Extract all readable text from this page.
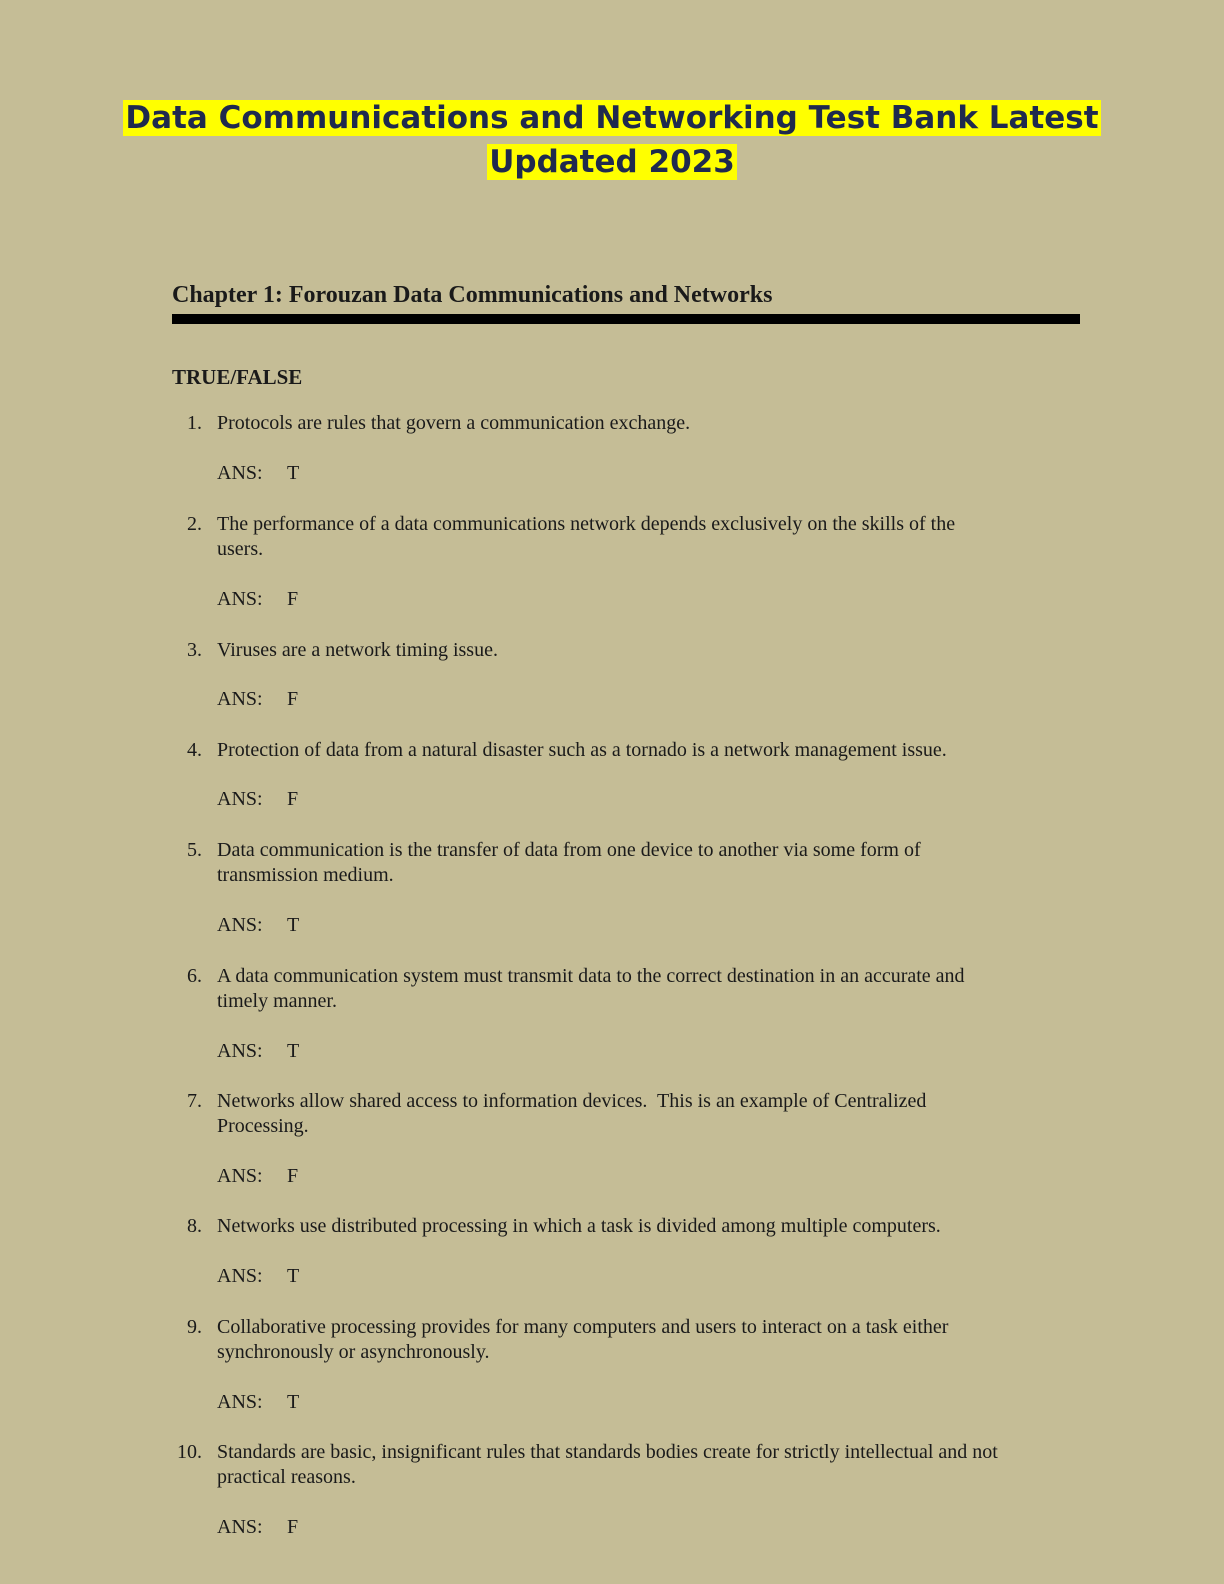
Data Communications and Networking Test Bank Latest
Updated 2023
Chapter 1: Forouzan Data Communications and Networks
TRUE/FALSE
1. Protocols are rules that govern a communication exchange.
ANS: T
2. The performance of a data communications network depends exclusively on the skills of the
users.
ANS: F
3. Viruses are a network timing issue.
ANS: F
4. Protection of data from a natural disaster such as a tornado is a network management issue.
ANS: F
5. Data communication is the transfer of data from one device to another via some form of
transmission medium.
ANS: T
6. A data communication system must transmit data to the correct destination in an accurate and
timely manner.
ANS: T
7. Networks allow shared access to information devices.  This is an example of Centralized
Processing.
ANS: F
8. Networks use distributed processing in which a task is divided among multiple computers.
ANS: T
9. Collaborative processing provides for many computers and users to interact on a task either
synchronously or asynchronously.
ANS: T
10. Standards are basic, insignificant rules that standards bodies create for strictly intellectual and not
practical reasons.
ANS: F
